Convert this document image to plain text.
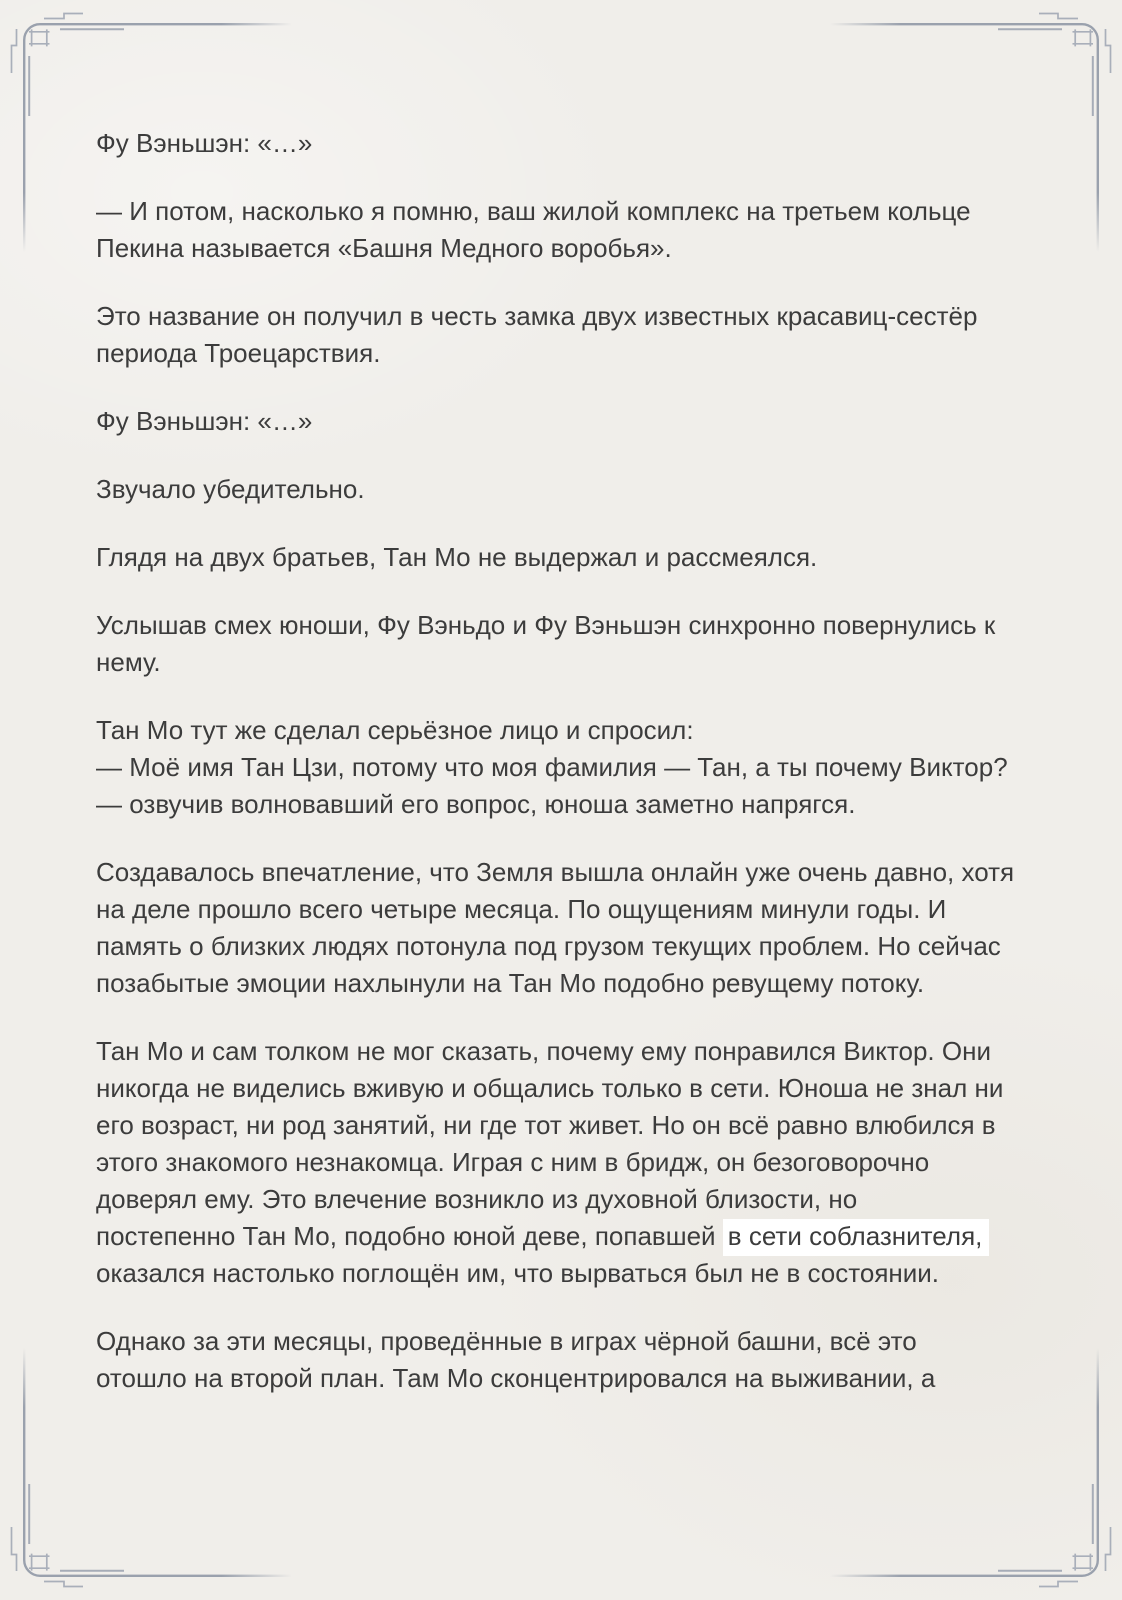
Фу Вэньшэн: «…»

— И потом, насколько я помню, ваш жилой комплекс на третьем кольце
Пекина называется «Башня Медного воробья».

Это название он получил в честь замка двух известных красавиц-сестёр
периода Троецарствия.

Фу Вэньшэн: «…»

Звучало убедительно.

Глядя на двух братьев, Тан Мо не выдержал и рассмеялся.

Услышав смех юноши, Фу Вэньдо и Фу Вэньшэн синхронно повернулись к
нему.

Тан Мо тут же сделал серьёзное лицо и спросил:
— Моё имя Тан Цзи, потому что моя фамилия — Тан, а ты почему Виктор?
— озвучив волновавший его вопрос, юноша заметно напрягся.

Создавалось впечатление, что Земля вышла онлайн уже очень давно, хотя
на деле прошло всего четыре месяца. По ощущениям минули годы. И
память о близких людях потонула под грузом текущих проблем. Но сейчас
позабытые эмоции нахлынули на Тан Мо подобно ревущему потоку.

Тан Мо и сам толком не мог сказать, почему ему понравился Виктор. Они
никогда не виделись вживую и общались только в сети. Юноша не знал ни
его возраст, ни род занятий, ни где тот живет. Но он всё равно влюбился в
этого знакомого незнакомца. Играя с ним в бридж, он безоговорочно
доверял ему. Это влечение возникло из духовной близости, но
постепенно Тан Мо, подобно юной деве, попавшей в сети соблазнителя,
оказался настолько поглощён им, что вырваться был не в состоянии.

Однако за эти месяцы, проведённые в играх чёрной башни, всё это
отошло на второй план. Там Мо сконцентрировался на выживании, а
